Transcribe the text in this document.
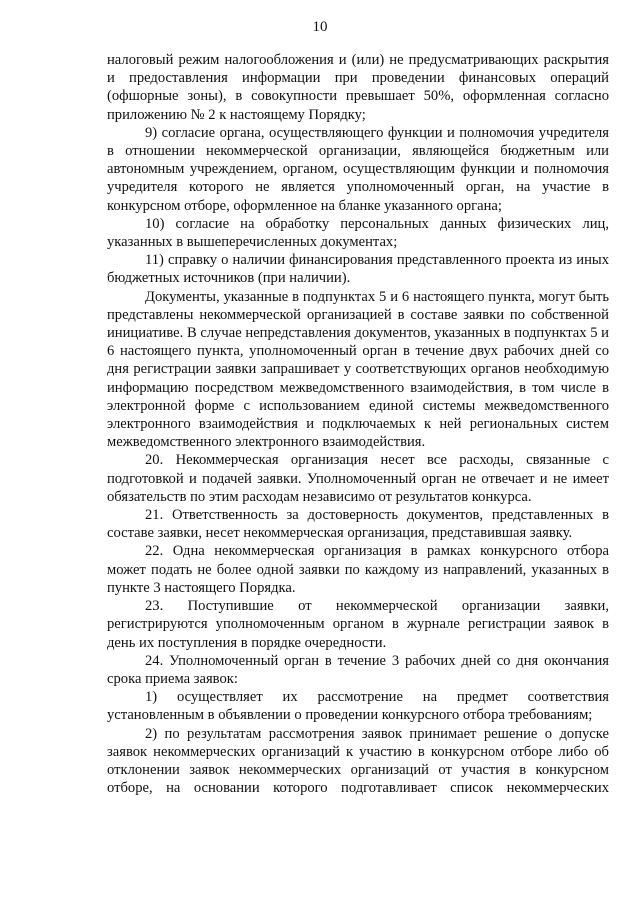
10

налоговый режим налогообложения и (или) не предусматривающих раскрытия и предоставления информации при проведении финансовых операций (офшорные зоны), в совокупности превышает 50%, оформленная согласно приложению № 2 к настоящему Порядку;

9) согласие органа, осуществляющего функции и полномочия учредителя в отношении некоммерческой организации, являющейся бюджетным или автономным учреждением, органом, осуществляющим функции и полномочия учредителя которого не является уполномоченный орган, на участие в конкурсном отборе, оформленное на бланке указанного органа;

10) согласие на обработку персональных данных физических лиц, указанных в вышеперечисленных документах;

11) справку о наличии финансирования представленного проекта из иных бюджетных источников (при наличии).

Документы, указанные в подпунктах 5 и 6 настоящего пункта, могут быть представлены некоммерческой организацией в составе заявки по собственной инициативе. В случае непредставления документов, указанных в подпунктах 5 и 6 настоящего пункта, уполномоченный орган в течение двух рабочих дней со дня регистрации заявки запрашивает у соответствующих органов необходимую информацию посредством межведомственного взаимодействия, в том числе в электронной форме с использованием единой системы межведомственного электронного взаимодействия и подключаемых к ней региональных систем межведомственного электронного взаимодействия.

20. Некоммерческая организация несет все расходы, связанные с подготовкой и подачей заявки. Уполномоченный орган не отвечает и не имеет обязательств по этим расходам независимо от результатов конкурса.

21. Ответственность за достоверность документов, представленных в составе заявки, несет некоммерческая организация, представившая заявку.

22. Одна некоммерческая организация в рамках конкурсного отбора может подать не более одной заявки по каждому из направлений, указанных в пункте 3 настоящего Порядка.

23. Поступившие от некоммерческой организации заявки, регистрируются уполномоченным органом в журнале регистрации заявок в день их поступления в порядке очередности.

24. Уполномоченный орган в течение 3 рабочих дней со дня окончания срока приема заявок:

1) осуществляет их рассмотрение на предмет соответствия установленным в объявлении о проведении конкурсного отбора требованиям;

2) по результатам рассмотрения заявок принимает решение о допуске заявок некоммерческих организаций к участию в конкурсном отборе либо об отклонении заявок некоммерческих организаций от участия в конкурсном отборе, на основании которого подготавливает список некоммерческих
